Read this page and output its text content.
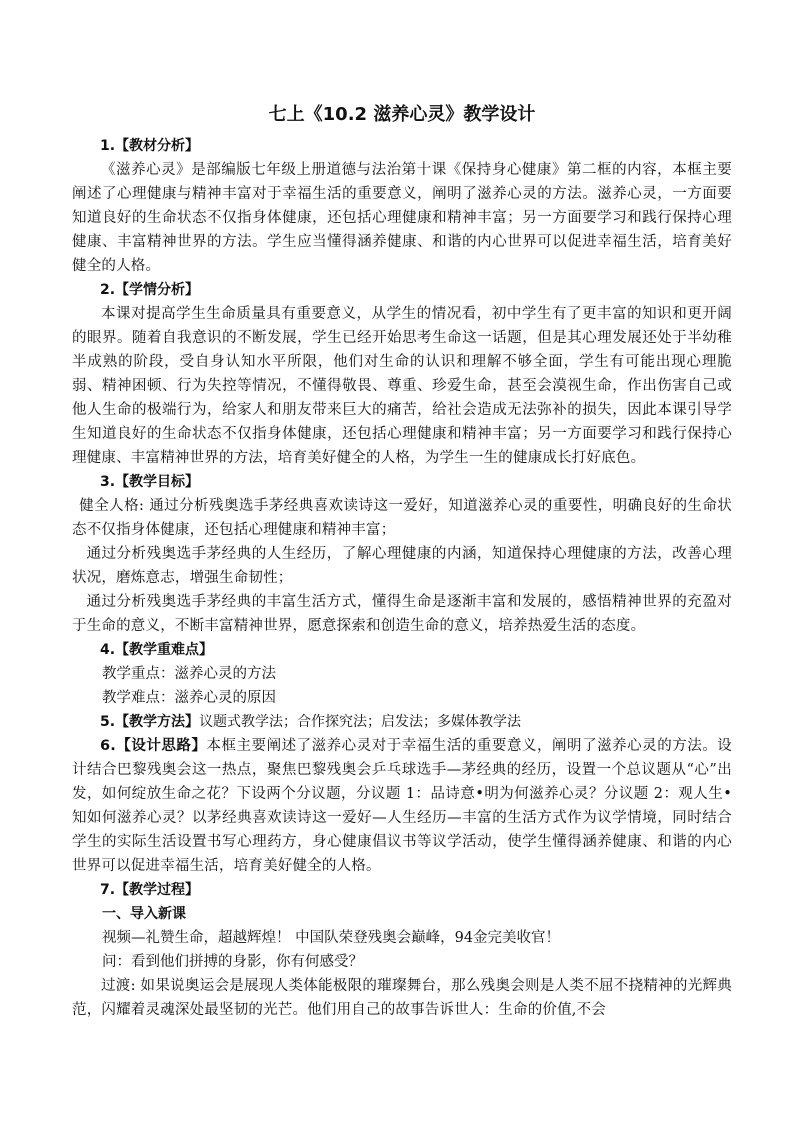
七上《10.2 滋养心灵》教学设计

1.【教材分析】

《滋养心灵》是部编版七年级上册道德与法治第十课《保持身心健康》第二框的内容，本框主要阐述了心理健康与精神丰富对于幸福生活的重要意义，阐明了滋养心灵的方法。滋养心灵，一方面要知道良好的生命状态不仅指身体健康，还包括心理健康和精神丰富；另一方面要学习和践行保持心理健康、丰富精神世界的方法。学生应当懂得涵养健康、和谐的内心世界可以促进幸福生活，培育美好健全的人格。

2.【学情分析】

本课对提高学生生命质量具有重要意义，从学生的情况看，初中学生有了更丰富的知识和更开阔的眼界。随着自我意识的不断发展，学生已经开始思考生命这一话题，但是其心理发展还处于半幼稚半成熟的阶段，受自身认知水平所限，他们对生命的认识和理解不够全面，学生有可能出现心理脆弱、精神困顿、行为失控等情况，不懂得敬畏、尊重、珍爱生命，甚至会漠视生命，作出伤害自己或他人生命的极端行为，给家人和朋友带来巨大的痛苦，给社会造成无法弥补的损失，因此本课引导学生知道良好的生命状态不仅指身体健康，还包括心理健康和精神丰富；另一方面要学习和践行保持心理健康、丰富精神世界的方法，培育美好健全的人格，为学生一生的健康成长打好底色。

3.【教学目标】

健全人格: 通过分析残奥选手茅经典喜欢读诗这一爱好，知道滋养心灵的重要性，明确良好的生命状态不仅指身体健康，还包括心理健康和精神丰富；

通过分析残奥选手茅经典的人生经历，了解心理健康的内涵，知道保持心理健康的方法，改善心理状况，磨炼意志，增强生命韧性；

通过分析残奥选手茅经典的丰富生活方式，懂得生命是逐渐丰富和发展的，感悟精神世界的充盈对于生命的意义，不断丰富精神世界，愿意探索和创造生命的意义，培养热爱生活的态度。

4.【教学重难点】

教学重点：滋养心灵的方法

教学难点：滋养心灵的原因

5.【教学方法】议题式教学法；合作探究法；启发法；多媒体教学法

6.【设计思路】本框主要阐述了滋养心灵对于幸福生活的重要意义，阐明了滋养心灵的方法。设计结合巴黎残奥会这一热点，聚焦巴黎残奥会乒乓球选手—茅经典的经历，设置一个总议题从“心”出发，如何绽放生命之花？下设两个分议题，分议题 1：品诗意•明为何滋养心灵？分议题 2：观人生•知如何滋养心灵？以茅经典喜欢读诗这一爱好—人生经历—丰富的生活方式作为议学情境，同时结合学生的实际生活设置书写心理药方，身心健康倡议书等议学活动，使学生懂得涵养健康、和谐的内心世界可以促进幸福生活，培育美好健全的人格。

7.【教学过程】

一、导入新课

视频—礼赞生命，超越辉煌！ 中国队荣登残奥会巅峰，94金完美收官！

问：看到他们拼搏的身影，你有何感受？

过渡: 如果说奥运会是展现人类体能极限的璀璨舞台，那么残奥会则是人类不屈不挠精神的光辉典范，闪耀着灵魂深处最坚韧的光芒。他们用自己的故事告诉世人：生命的价值,不会
